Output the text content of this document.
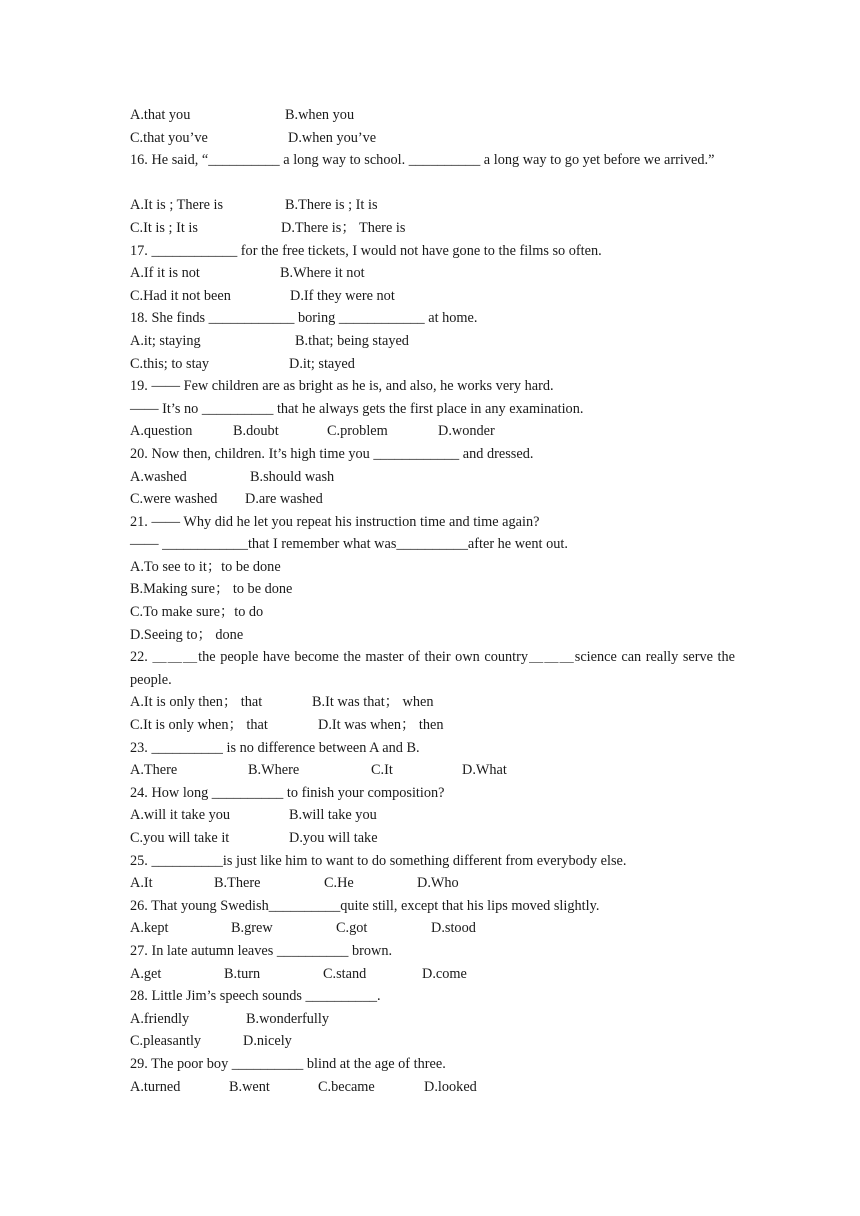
A.that you	B.when you
C.that you’ve	D.when you’ve
16. He said, “__________ a long way to school. __________ a long way to go yet before we arrived.”
A.It is ; There is	B.There is ; It is
C.It is ; It is	D.There is； There is
17. ____________ for the free tickets, I would not have gone to the films so often.
A.If it is not	B.Where it not
C.Had it not been	D.If they were not
18. She finds ____________ boring ____________ at home.
A.it; staying	B.that; being stayed
C.this; to stay	D.it; stayed
19. —— Few children are as bright as he is, and also, he works very hard.
—— It’s no __________ that he always gets the first place in any examination.
A.question	B.doubt	C.problem	D.wonder
20. Now then, children. It’s high time you ____________ and dressed.
A.washed	B.should wash
C.were washed D.are washed
21. —— Why did he let you repeat his instruction time and time again?
—— ____________that I remember what was__________after he went out.
A.To see to it；to be done
B.Making sure； to be done
C.To make sure；to do
D.Seeing to； done
22. ＿＿＿the people have become the master of their own country＿＿＿science can really serve the people.
A.It is only then； that	B.It was that； when
C.It is only when； that	D.It was when； then
23. __________ is no difference between A and B.
A.There	B.Where	C.It	D.What
24. How long __________ to finish your composition?
A.will it take you	B.will take you
C.you will take it	D.you will take
25. __________is just like him to want to do something different from everybody else.
A.It	B.There	C.He	D.Who
26. That young Swedish__________quite still, except that his lips moved slightly.
A.kept	B.grew	C.got	D.stood
27. In late autumn leaves __________ brown.
A.get	B.turn	C.stand	D.come
28. Little Jim’s speech sounds __________.
A.friendly	B.wonderfully
C.pleasantly	D.nicely
29. The poor boy __________ blind at the age of three.
A.turned	B.went	C.became	D.looked
